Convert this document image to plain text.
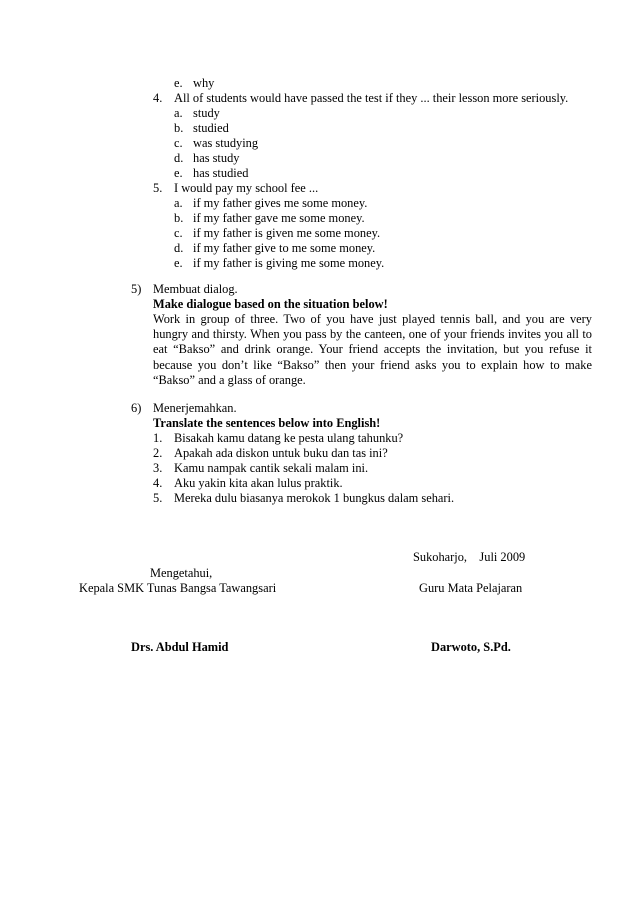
e. why
4. All of students would have passed the test if they ... their lesson more seriously.
a. study
b. studied
c. was studying
d. has study
e. has studied
5. I would pay my school fee ...
a. if my father gives me some money.
b. if my father gave me some money.
c. if my father is given me some money.
d. if my father give to me some money.
e. if my father is giving me some money.
5) Membuat dialog.
Make dialogue based on the situation below!
Work in group of three. Two of you have just played tennis ball, and you are very hungry and thirsty. When you pass by the canteen, one of your friends invites you all to eat “Bakso” and drink orange. Your friend accepts the invitation, but you refuse it because you don’t like “Bakso” then your friend asks you to explain how to make “Bakso” and a glass of orange.
6) Menerjemahkan.
Translate the sentences below into English!
1. Bisakah kamu datang ke pesta ulang tahunku?
2. Apakah ada diskon untuk buku dan tas ini?
3. Kamu nampak cantik sekali malam ini.
4. Aku yakin kita akan lulus praktik.
5. Mereka dulu biasanya merokok 1 bungkus dalam sehari.
Sukoharjo,    Juli 2009
Mengetahui,
Kepala SMK Tunas Bangsa Tawangsari	Guru Mata Pelajaran
Drs. Abdul Hamid	Darwoto, S.Pd.
